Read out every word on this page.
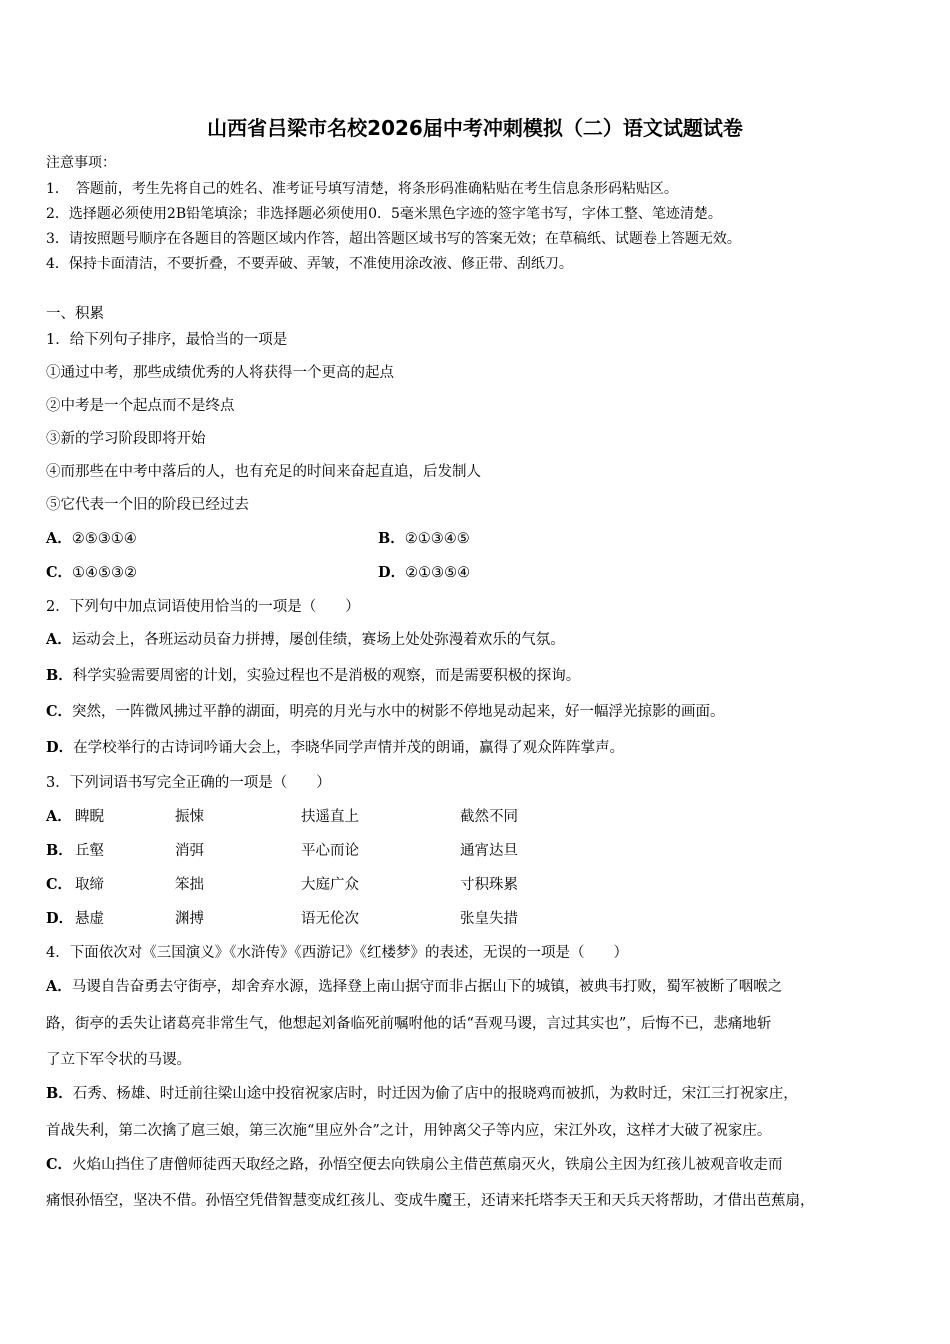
山西省吕梁市名校2026届中考冲刺模拟（二）语文试题试卷
注意事项：
1．　答题前，考生先将自己的姓名、准考证号填写清楚，将条形码准确粘贴在考生信息条形码粘贴区。
2．选择题必须使用2B铅笔填涂；非选择题必须使用0．5毫米黑色字迹的签字笔书写，字体工整、笔迹清楚。
3．请按照题号顺序在各题目的答题区域内作答，超出答题区域书写的答案无效；在草稿纸、试题卷上答题无效。
4．保持卡面清洁，不要折叠，不要弄破、弄皱，不准使用涂改液、修正带、刮纸刀。
一、积累
1．给下列句子排序，最恰当的一项是
①通过中考，那些成绩优秀的人将获得一个更高的起点
②中考是一个起点而不是终点
③新的学习阶段即将开始
④而那些在中考中落后的人，也有充足的时间来奋起直追，后发制人
⑤它代表一个旧的阶段已经过去
A．②⑤③①④	B．②①③④⑤
C．①④⑤③②	D．②①③⑤④
2．下列句中加点词语使用恰当的一项是（　　）
A．运动会上，各班运动员奋力拼搏，屡创佳绩，赛场上处处弥漫着欢乐的气氛。
B．科学实验需要周密的计划，实验过程也不是消极的观察，而是需要积极的探询。
C．突然，一阵微风拂过平静的湖面，明亮的月光与水中的树影不停地晃动起来，好一幅浮光掠影的画面。
D．在学校举行的古诗词吟诵大会上，李晓华同学声情并茂的朗诵，赢得了观众阵阵掌声。
3．下列词语书写完全正确的一项是（　　）
A． 睥睨	振悚	扶遥直上	截然不同
B． 丘壑	消弭	平心而论	通宵达旦
C． 取缔	笨拙	大庭广众	寸积珠累
D． 悬虚	渊搏	语无伦次	张皇失措
4．下面依次对《三国演义》《水浒传》《西游记》《红楼梦》的表述，无误的一项是（　　）
A．马谡自告奋勇去守街亭，却舍弃水源，选择登上南山据守而非占据山下的城镇，被典韦打败，蜀军被断了咽喉之
路，街亭的丢失让诸葛亮非常生气，他想起刘备临死前嘱咐他的话“吾观马谡，言过其实也”，后悔不已，悲痛地斩
了立下军令状的马谡。
B．石秀、杨雄、时迁前往梁山途中投宿祝家店时，时迁因为偷了店中的报晓鸡而被抓，为救时迁，宋江三打祝家庄，
首战失利，第二次擒了扈三娘，第三次施“里应外合”之计，用钟离父子等内应，宋江外攻，这样才大破了祝家庄。
C．火焰山挡住了唐僧师徒西天取经之路，孙悟空便去向铁扇公主借芭蕉扇灭火，铁扇公主因为红孩儿被观音收走而
痛恨孙悟空，坚决不借。孙悟空凭借智慧变成红孩儿、变成牛魔王，还请来托塔李天王和天兵天将帮助，才借出芭蕉扇，
